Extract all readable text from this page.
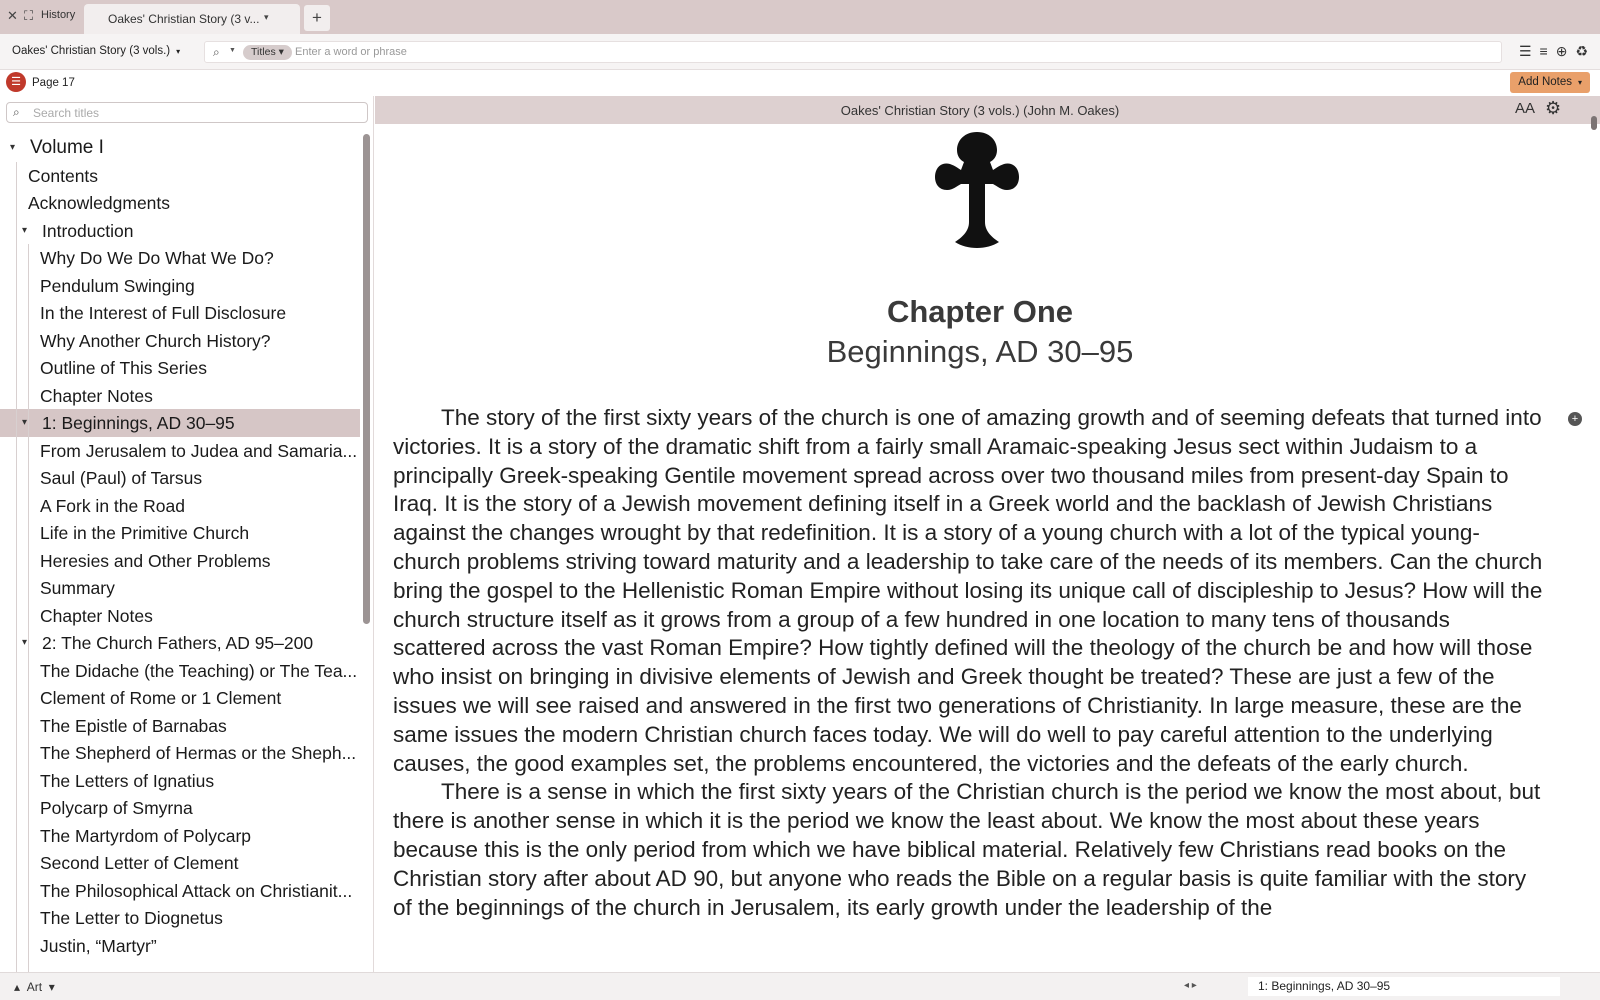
✕ ⛶ History	Oakes' Christian Story (3 v... ▾	+
Oakes' Christian Story (3 vols.) ▾	⌕ ▼	Titles ▾
Enter a word or phrase	☰ ≡ ⊕ ♻
☰ Page 17	Add Notes ▾
⌕
Search titles
▾ Volume I
Contents
Acknowledgments
▾ Introduction
Why Do We Do What We Do?
Pendulum Swinging
In the Interest of Full Disclosure
Why Another Church History?
Outline of This Series
Chapter Notes
▾ 1: Beginnings, AD 30–95
From Jerusalem to Judea and Samaria...
Saul (Paul) of Tarsus
A Fork in the Road
Life in the Primitive Church
Heresies and Other Problems
Summary
Chapter Notes
▾ 2: The Church Fathers, AD 95–200
The Didache (the Teaching) or The Tea...
Clement of Rome or 1 Clement
The Epistle of Barnabas
The Shepherd of Hermas or the Sheph...
The Letters of Ignatius
Polycarp of Smyrna
The Martyrdom of Polycarp
Second Letter of Clement
The Philosophical Attack on Christianit...
The Letter to Diognetus
Justin, “Martyr”
Oakes' Christian Story (3 vols.) (John M. Oakes)	AA ⚙
Chapter One
Beginnings, AD 30–95
+

The story of the first sixty years of the church is one of amazing growth and of seeming defeats that turned into victories. It is a story of the dramatic shift from a fairly small Aramaic-speaking Jesus sect within Judaism to a principally Greek-speaking Gentile movement spread across over two thousand miles from present-day Spain to Iraq. It is the story of a Jewish movement defining itself in a Greek world and the backlash of Jewish Christians against the changes wrought by that redefinition. It is a story of a young church with a lot of the typical young-church problems striving toward maturity and a leadership to take care of the needs of its members. Can the church bring the gospel to the Hellenistic Roman Empire without losing its unique call of discipleship to Jesus? How will the church structure itself as it grows from a group of a few hundred in one location to many tens of thousands scattered across the vast Roman Empire? How tightly defined will the theology of the church be and how will those who insist on bringing in divisive elements of Jewish and Greek thought be treated? These are just a few of the issues we will see raised and answered in the first two generations of Christianity. In large measure, these are the same issues the modern Christian church faces today. We will do well to pay careful attention to the underlying causes, the good examples set, the problems encountered, the victories and the defeats of the early church.

There is a sense in which the first sixty years of the Christian church is the period we know the most about, but there is another sense in which it is the period we know the least about. We know the most about these years because this is the only period from which we have biblical material. Relatively few Christians read books on the Christian story after about AD 90, but anyone who reads the Bible on a regular basis is quite familiar with the story of the beginnings of the church in Jerusalem, its early growth under the leadership of the

▴ Art ▾	◂ ▸	1: Beginnings, AD 30–95
